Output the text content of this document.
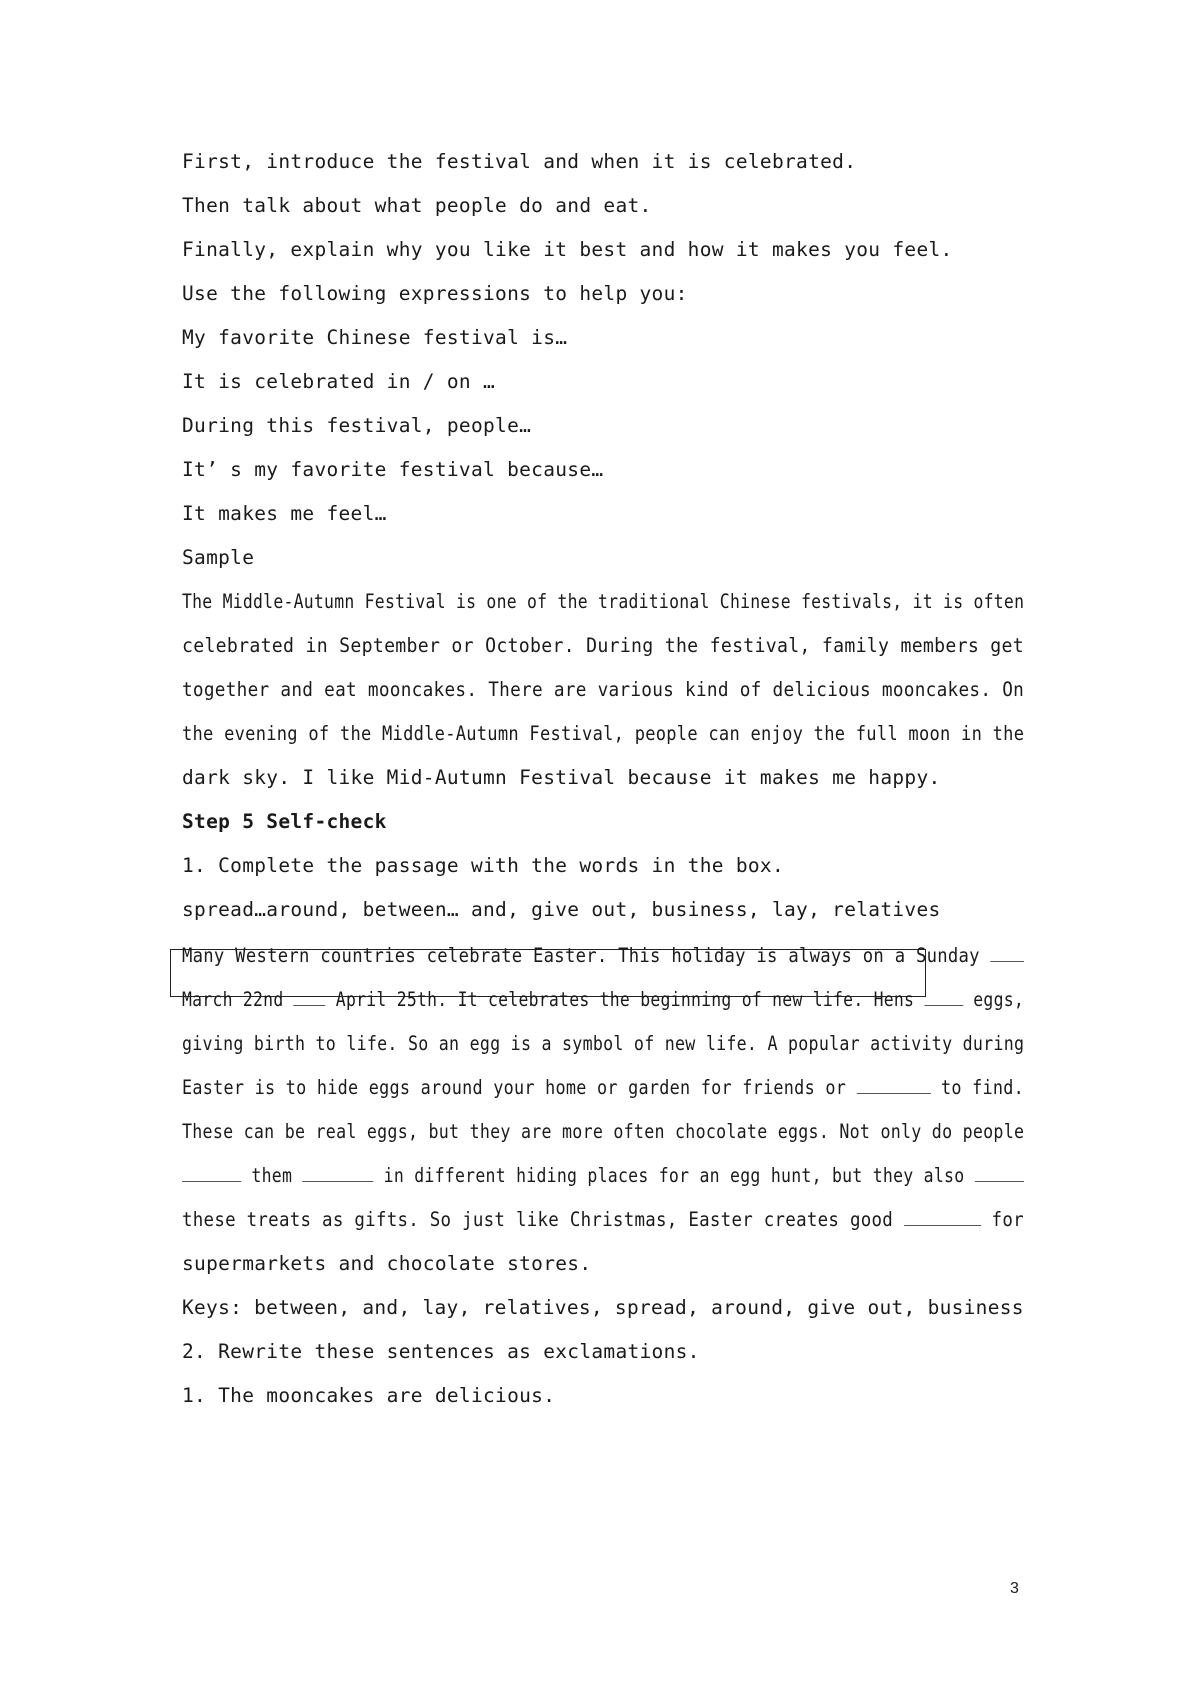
First, introduce the festival and when it is celebrated.
Then talk about what people do and eat.
Finally, explain why you like it best and how it makes you feel.
Use the following expressions to help you:
My favorite Chinese festival is…
It is celebrated in / on …
During this festival, people…
It’ s my favorite festival because…
It makes me feel…
Sample
The Middle-Autumn Festival is one of the traditional Chinese festivals, it is often
celebrated in September or October. During the festival, family members get
together and eat mooncakes. There are various kind of delicious mooncakes. On
the evening of the Middle-Autumn Festival, people can enjoy the full moon in the
dark sky. I like Mid-Autumn Festival because it makes me happy.
Step 5 Self-check
1. Complete the passage with the words in the box.
spread…around, between… and, give out, business, lay, relatives
Many Western countries celebrate Easter. This holiday is always on a Sunday
March 22nd	April 25th. It celebrates the beginning of new life. Hens	eggs,
giving birth to life. So an egg is a symbol of new life. A popular activity during
Easter is to hide eggs around your home or garden for friends or	to find.
These can be real eggs, but they are more often chocolate eggs. Not only do people
them	in different hiding places for an egg hunt, but they also
these treats as gifts. So just like Christmas, Easter creates good	for
supermarkets and chocolate stores.
Keys: between, and, lay, relatives, spread, around, give out, business
2. Rewrite these sentences as exclamations.
1. The mooncakes are delicious.
3
